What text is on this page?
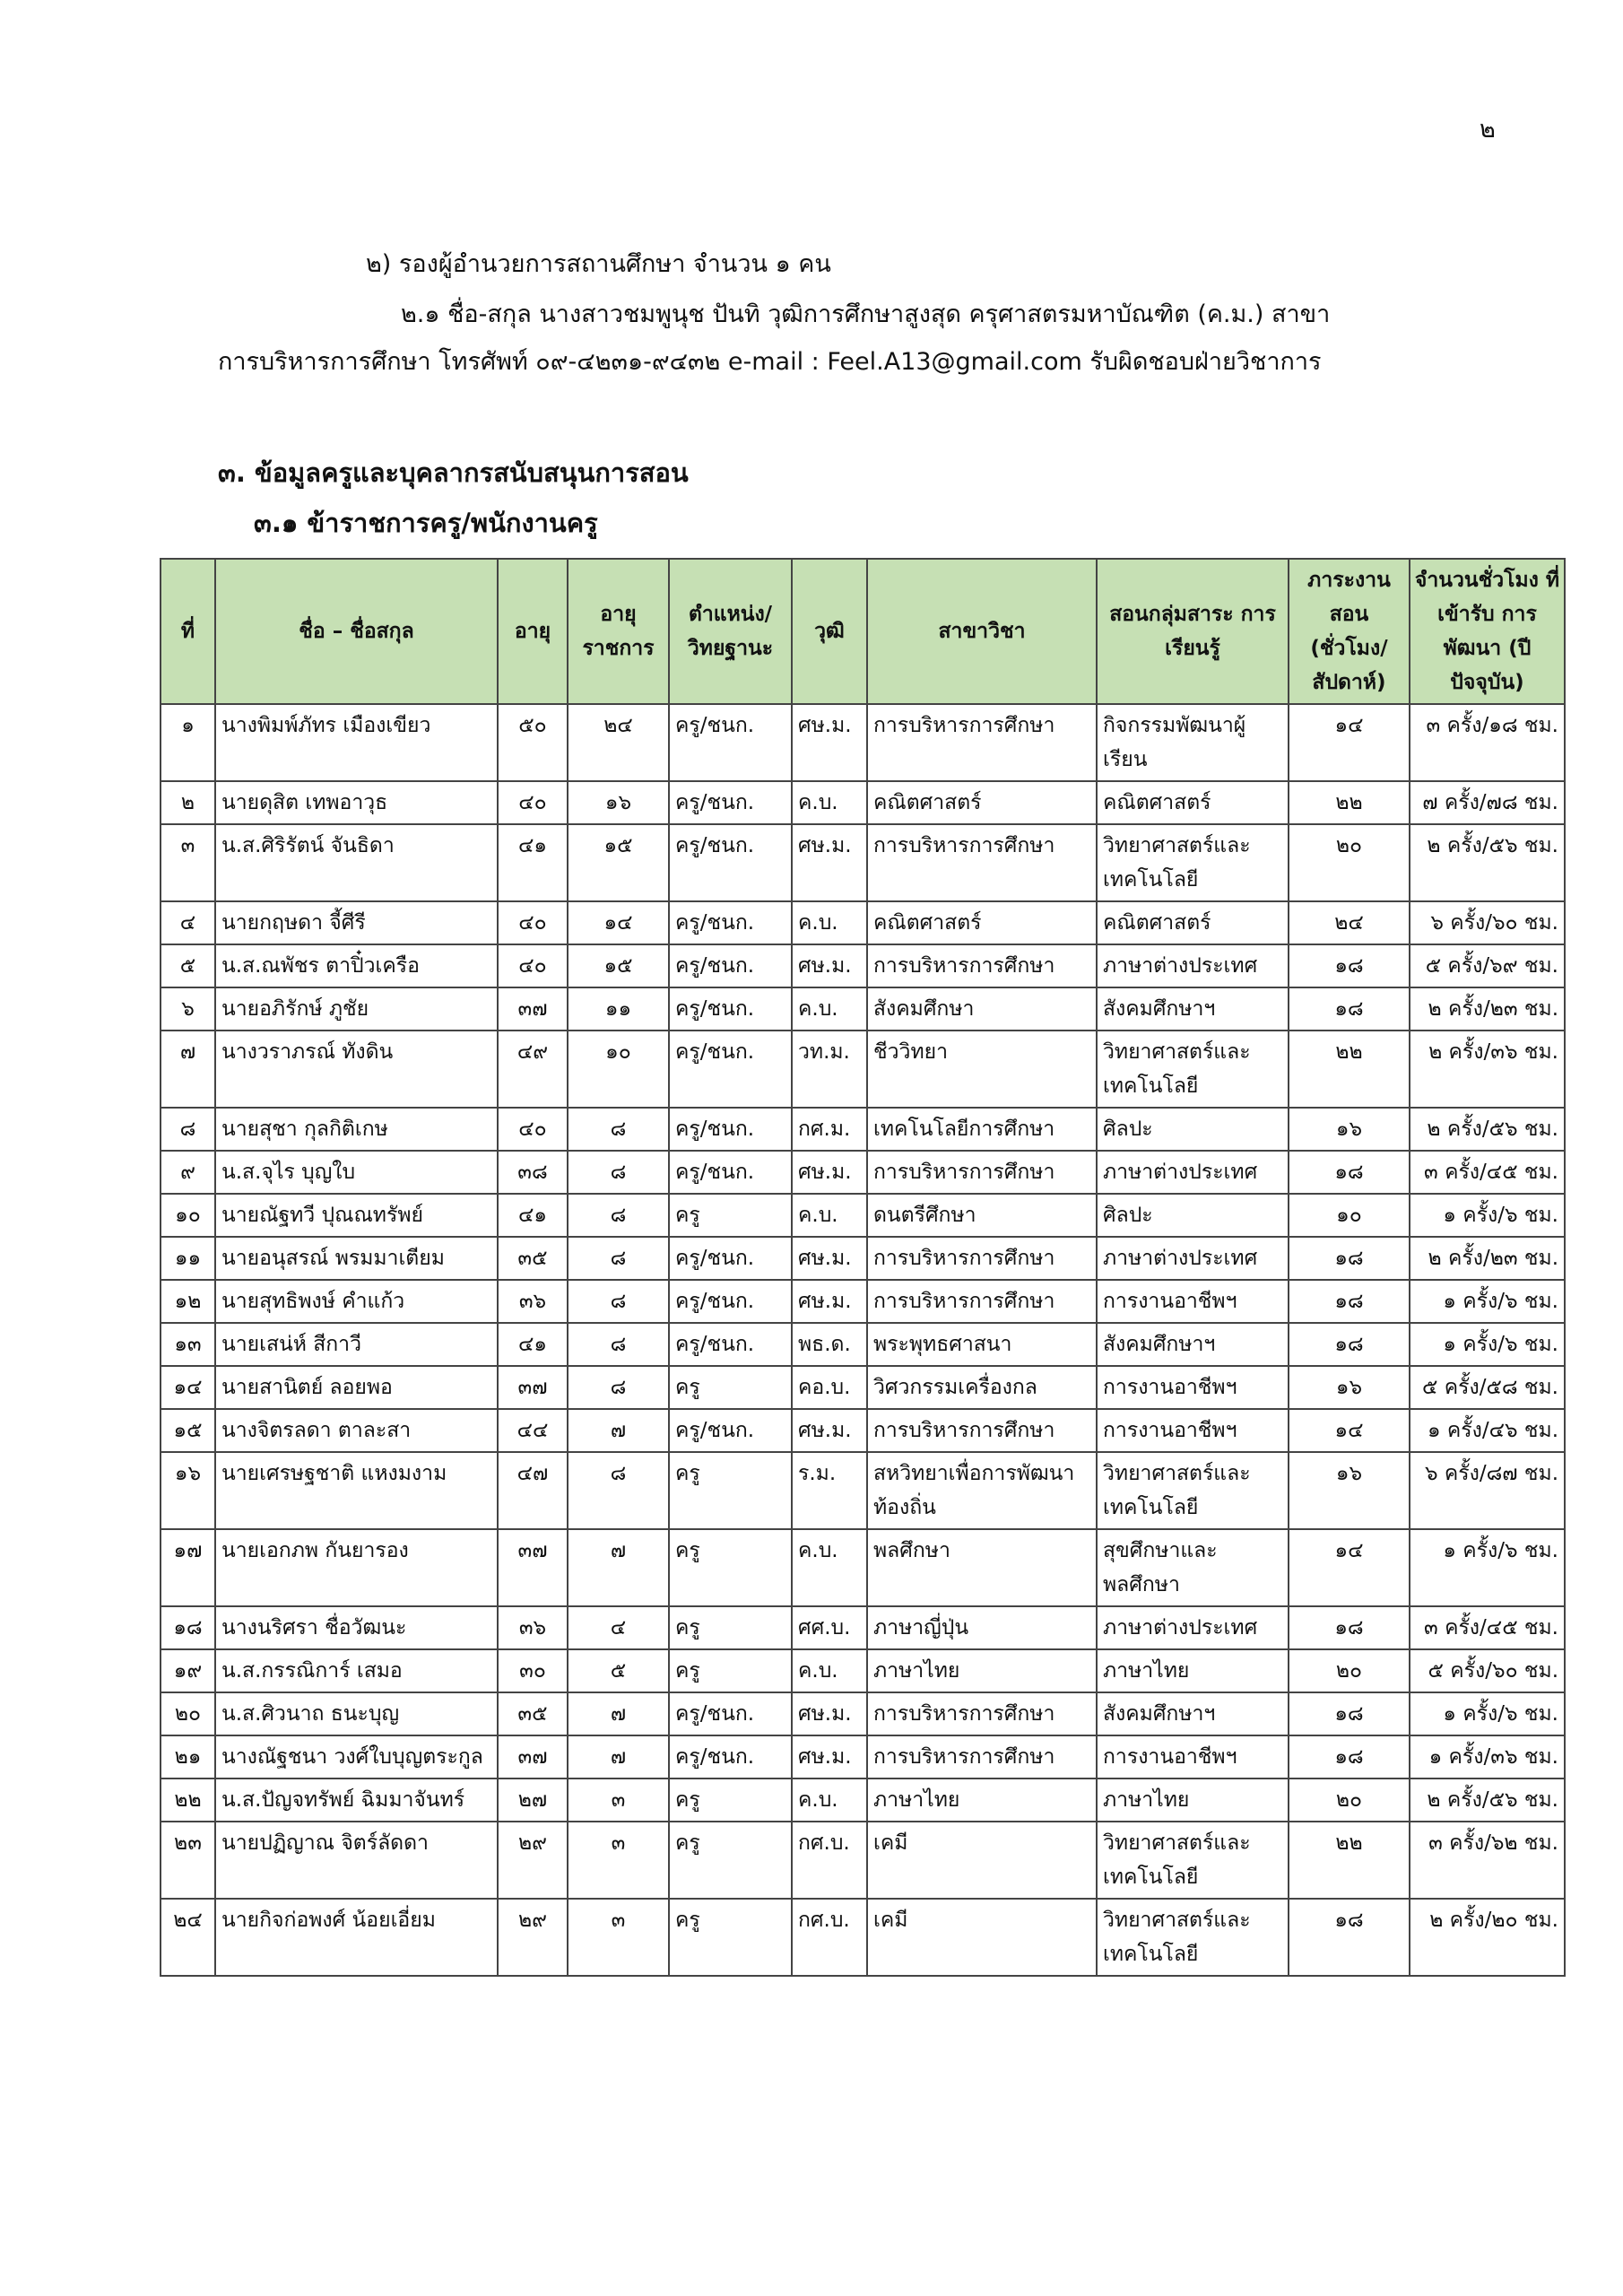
๒
๒) รองผู้อำนวยการสถานศึกษา จำนวน ๑ คน
๒.๑ ชื่อ-สกุล นางสาวชมพูนุช ปันทิ วุฒิการศึกษาสูงสุด ครุศาสตรมหาบัณฑิต (ค.ม.) สาขา
การบริหารการศึกษา โทรศัพท์ ๐๙-๔๒๓๑-๙๔๓๒ e-mail : Feel.A13@gmail.com รับผิดชอบฝ่ายวิชาการ
๓. ข้อมูลครูและบุคลากรสนับสนุนการสอน
๓.๑ ข้าราชการครู/พนักงานครู
ที่	ชื่อ – ชื่อสกุล	อายุ	อายุ ราชการ	ตำแหน่ง/ วิทยฐานะ	วุฒิ	สาขาวิชา	สอนกลุ่มสาระ การเรียนรู้	ภาระงาน สอน (ชั่วโมง/ สัปดาห์)	จำนวนชั่วโมง ที่เข้ารับ การพัฒนา (ปีปัจจุบัน)
๑	นางพิมพ์ภัทร เมืองเขียว	๕๐	๒๔	ครู/ชนก.	ศษ.ม.	การบริหารการศึกษา	กิจกรรมพัฒนาผู้เรียน	๑๔	๓ ครั้ง/๑๘ ชม.
๒	นายดุสิต เทพอาวุธ	๔๐	๑๖	ครู/ชนก.	ค.บ.	คณิตศาสตร์	คณิตศาสตร์	๒๒	๗ ครั้ง/๗๘ ชม.
๓	น.ส.ศิริรัตน์ จันธิดา	๔๑	๑๕	ครู/ชนก.	ศษ.ม.	การบริหารการศึกษา	วิทยาศาสตร์และเทคโนโลยี	๒๐	๒ ครั้ง/๕๖ ชม.
๔	นายกฤษดา จี้ศีรี	๔๐	๑๔	ครู/ชนก.	ค.บ.	คณิตศาสตร์	คณิตศาสตร์	๒๔	๖ ครั้ง/๖๐ ชม.
๕	น.ส.ณพัชร ตาปิ๋วเครือ	๔๐	๑๕	ครู/ชนก.	ศษ.ม.	การบริหารการศึกษา	ภาษาต่างประเทศ	๑๘	๕ ครั้ง/๖๙ ชม.
๖	นายอภิรักษ์ ภูชัย	๓๗	๑๑	ครู/ชนก.	ค.บ.	สังคมศึกษา	สังคมศึกษาฯ	๑๘	๒ ครั้ง/๒๓ ชม.
๗	นางวราภรณ์ ทังดิน	๔๙	๑๐	ครู/ชนก.	วท.ม.	ชีววิทยา	วิทยาศาสตร์และเทคโนโลยี	๒๒	๒ ครั้ง/๓๖ ชม.
๘	นายสุชา กุลกิติเกษ	๔๐	๘	ครู/ชนก.	กศ.ม.	เทคโนโลยีการศึกษา	ศิลปะ	๑๖	๒ ครั้ง/๕๖ ชม.
๙	น.ส.จุไร บุญใบ	๓๘	๘	ครู/ชนก.	ศษ.ม.	การบริหารการศึกษา	ภาษาต่างประเทศ	๑๘	๓ ครั้ง/๔๕ ชม.
๑๐	นายณัฐทวี ปุณณทรัพย์	๔๑	๘	ครู	ค.บ.	ดนตรีศึกษา	ศิลปะ	๑๐	๑ ครั้ง/๖ ชม.
๑๑	นายอนุสรณ์ พรมมาเตียม	๓๕	๘	ครู/ชนก.	ศษ.ม.	การบริหารการศึกษา	ภาษาต่างประเทศ	๑๘	๒ ครั้ง/๒๓ ชม.
๑๒	นายสุทธิพงษ์ คำแก้ว	๓๖	๘	ครู/ชนก.	ศษ.ม.	การบริหารการศึกษา	การงานอาชีพฯ	๑๘	๑ ครั้ง/๖ ชม.
๑๓	นายเสน่ห์ สีกาวี	๔๑	๘	ครู/ชนก.	พธ.ด.	พระพุทธศาสนา	สังคมศึกษาฯ	๑๘	๑ ครั้ง/๖ ชม.
๑๔	นายสานิตย์ ลอยพอ	๓๗	๘	ครู	คอ.บ.	วิศวกรรมเครื่องกล	การงานอาชีพฯ	๑๖	๕ ครั้ง/๕๘ ชม.
๑๕	นางจิตรลดา ตาละสา	๔๔	๗	ครู/ชนก.	ศษ.ม.	การบริหารการศึกษา	การงานอาชีพฯ	๑๔	๑ ครั้ง/๔๖ ชม.
๑๖	นายเศรษฐชาติ แหงมงาม	๔๗	๘	ครู	ร.ม.	สหวิทยาเพื่อการพัฒนาท้องถิ่น	วิทยาศาสตร์และเทคโนโลยี	๑๖	๖ ครั้ง/๘๗ ชม.
๑๗	นายเอกภพ กันยารอง	๓๗	๗	ครู	ค.บ.	พลศึกษา	สุขศึกษาและพลศึกษา	๑๔	๑ ครั้ง/๖ ชม.
๑๘	นางนริศรา ชื่อวัฒนะ	๓๖	๔	ครู	ศศ.บ.	ภาษาญี่ปุ่น	ภาษาต่างประเทศ	๑๘	๓ ครั้ง/๔๕ ชม.
๑๙	น.ส.กรรณิการ์ เสมอ	๓๐	๕	ครู	ค.บ.	ภาษาไทย	ภาษาไทย	๒๐	๕ ครั้ง/๖๐ ชม.
๒๐	น.ส.ศิวนาถ ธนะบุญ	๓๕	๗	ครู/ชนก.	ศษ.ม.	การบริหารการศึกษา	สังคมศึกษาฯ	๑๘	๑ ครั้ง/๖ ชม.
๒๑	นางณัฐชนา วงศ์ใบบุญตระกูล	๓๗	๗	ครู/ชนก.	ศษ.ม.	การบริหารการศึกษา	การงานอาชีพฯ	๑๘	๑ ครั้ง/๓๖ ชม.
๒๒	น.ส.ปัญจทรัพย์ ฉิมมาจันทร์	๒๗	๓	ครู	ค.บ.	ภาษาไทย	ภาษาไทย	๒๐	๒ ครั้ง/๕๖ ชม.
๒๓	นายปฏิญาณ จิตร์ลัดดา	๒๙	๓	ครู	กศ.บ.	เคมี	วิทยาศาสตร์และเทคโนโลยี	๒๒	๓ ครั้ง/๖๒ ชม.
๒๔	นายกิจก่อพงศ์ น้อยเอี่ยม	๒๙	๓	ครู	กศ.บ.	เคมี	วิทยาศาสตร์และเทคโนโลยี	๑๘	๒ ครั้ง/๒๐ ชม.
